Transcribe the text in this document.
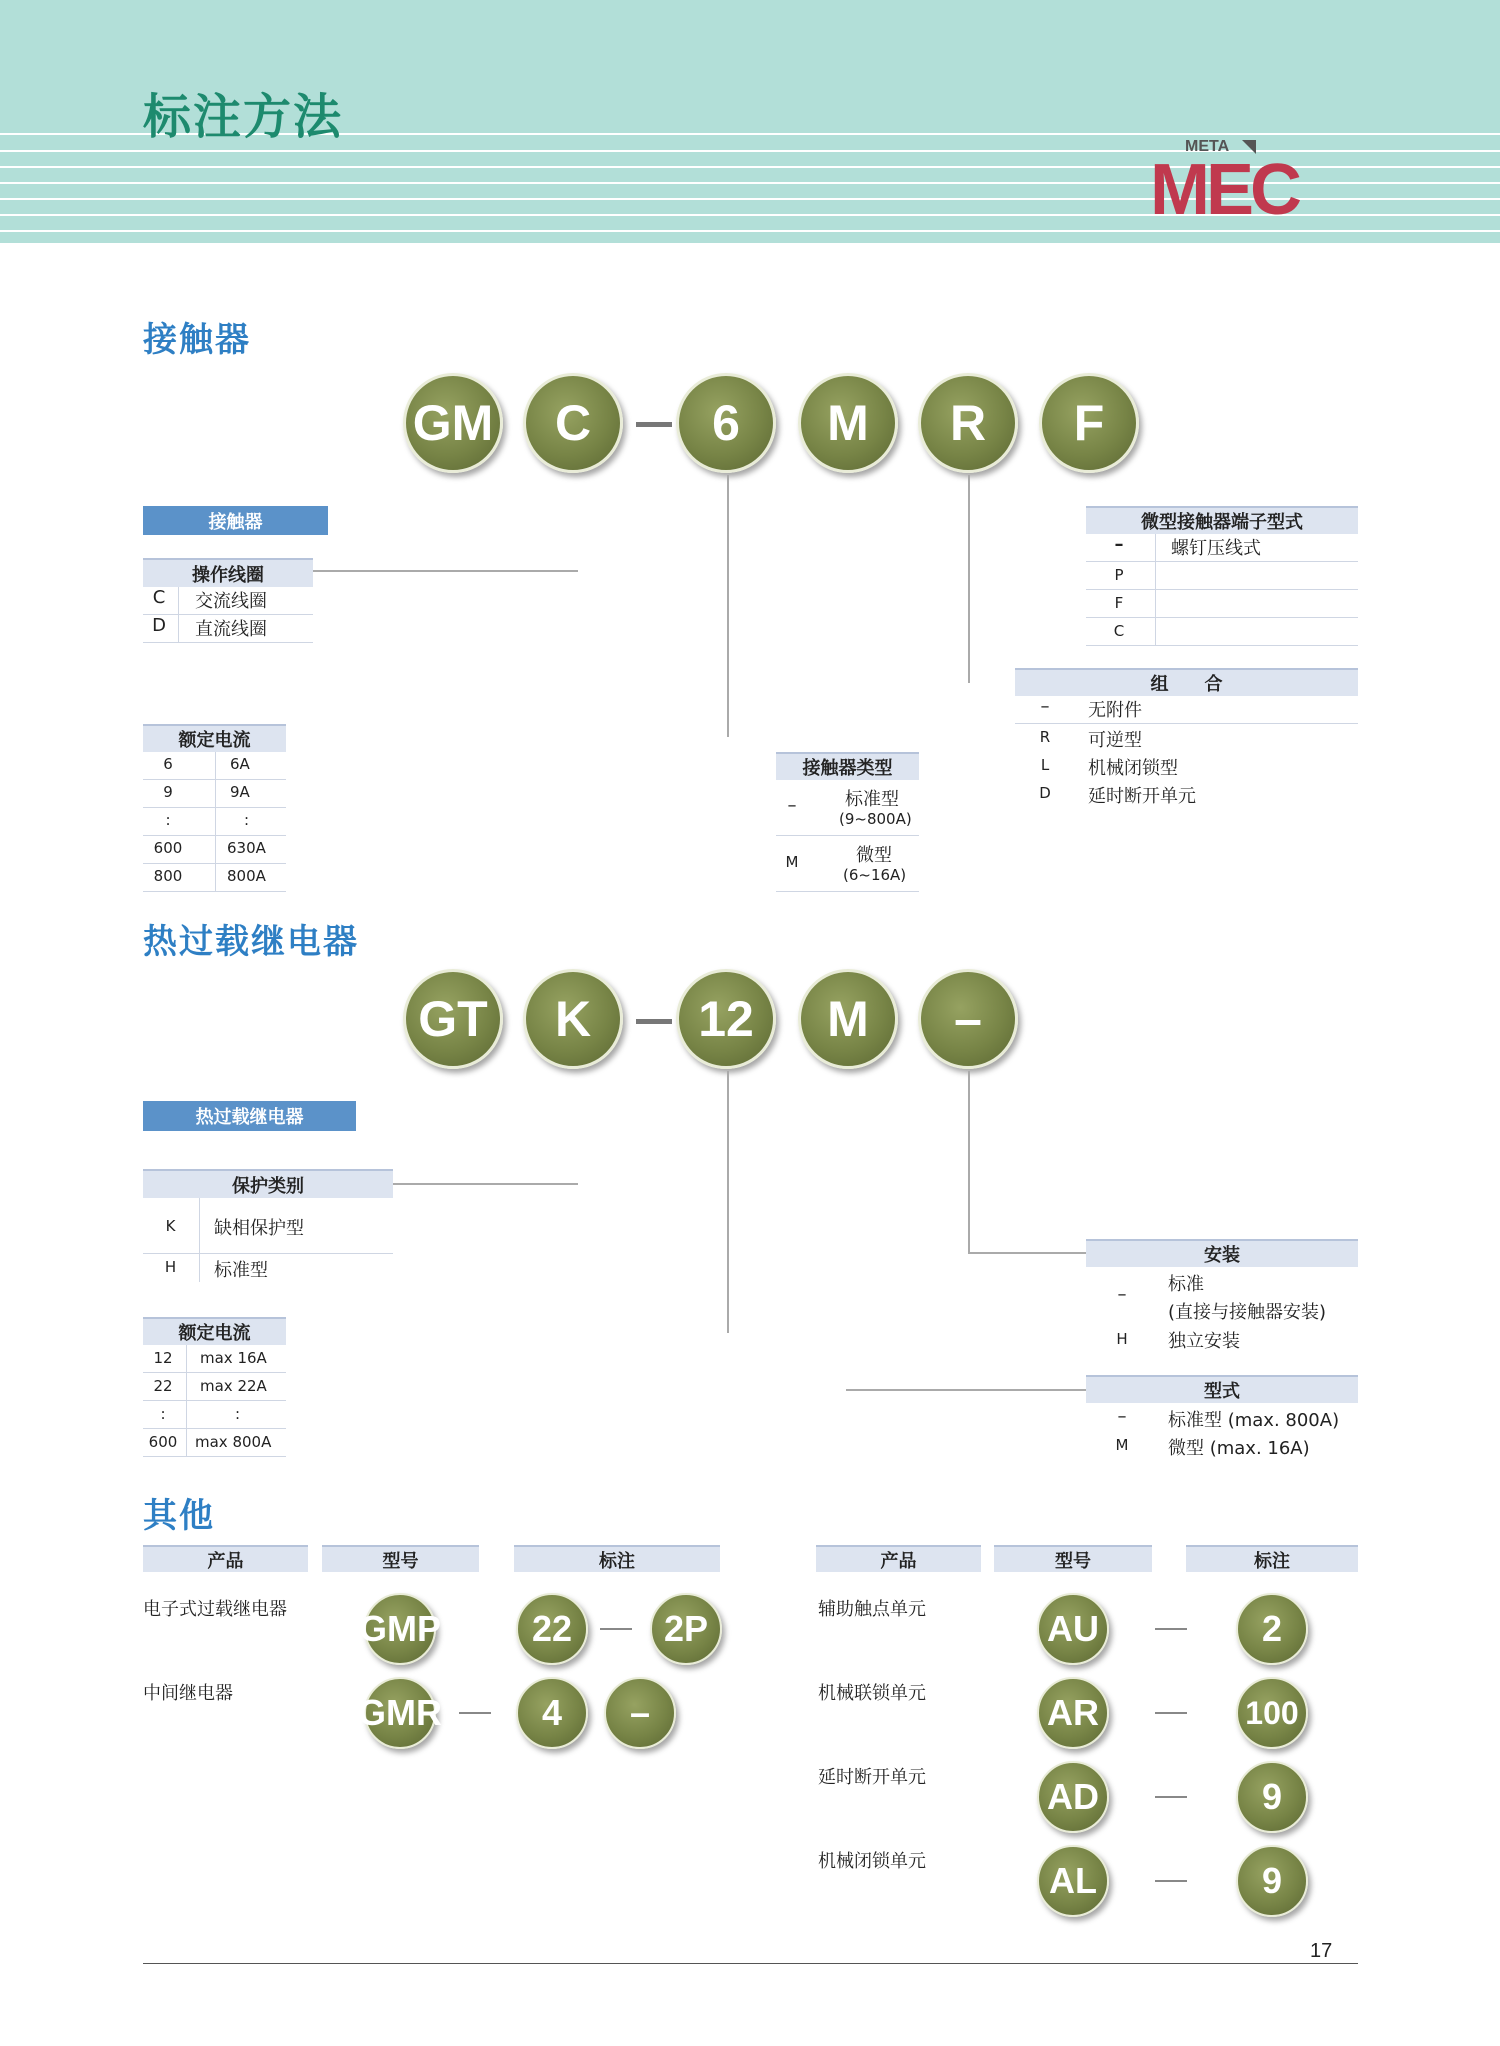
标注方法
META
MEC
接触器
GM	C	6	M	R	F
接触器
操作线圈
C	交流线圈
D	直流线圈
额定电流
6	6A
9	9A
:	:
600	630A
800	800A
接触器类型
–	标准型
(9~800A)
M	微型
(6~16A)
微型接触器端子型式
–	螺钉压线式
P
F
C
组　　合
–	无附件
R	可逆型
L	机械闭锁型
D	延时断开单元
热过载继电器
GT	K	12	M	–
热过载继电器
保护类别
K	缺相保护型
H	标准型
额定电流
12	max 16A
22	max 22A
:	:
600	max 800A
安装
–	标准
(直接与接触器安装)
H	独立安装
型式
–	标准型 (max. 800A)
M	微型 (max. 16A)
其他
产品	型号	标注	产品	型号	标注
电子式过载继电器 GMP	22	2P
中间继电器	GMR	4	–
辅助触点单元	AU	2
机械联锁单元	AR	100
延时断开单元	AD	9
机械闭锁单元	AL	9
17
